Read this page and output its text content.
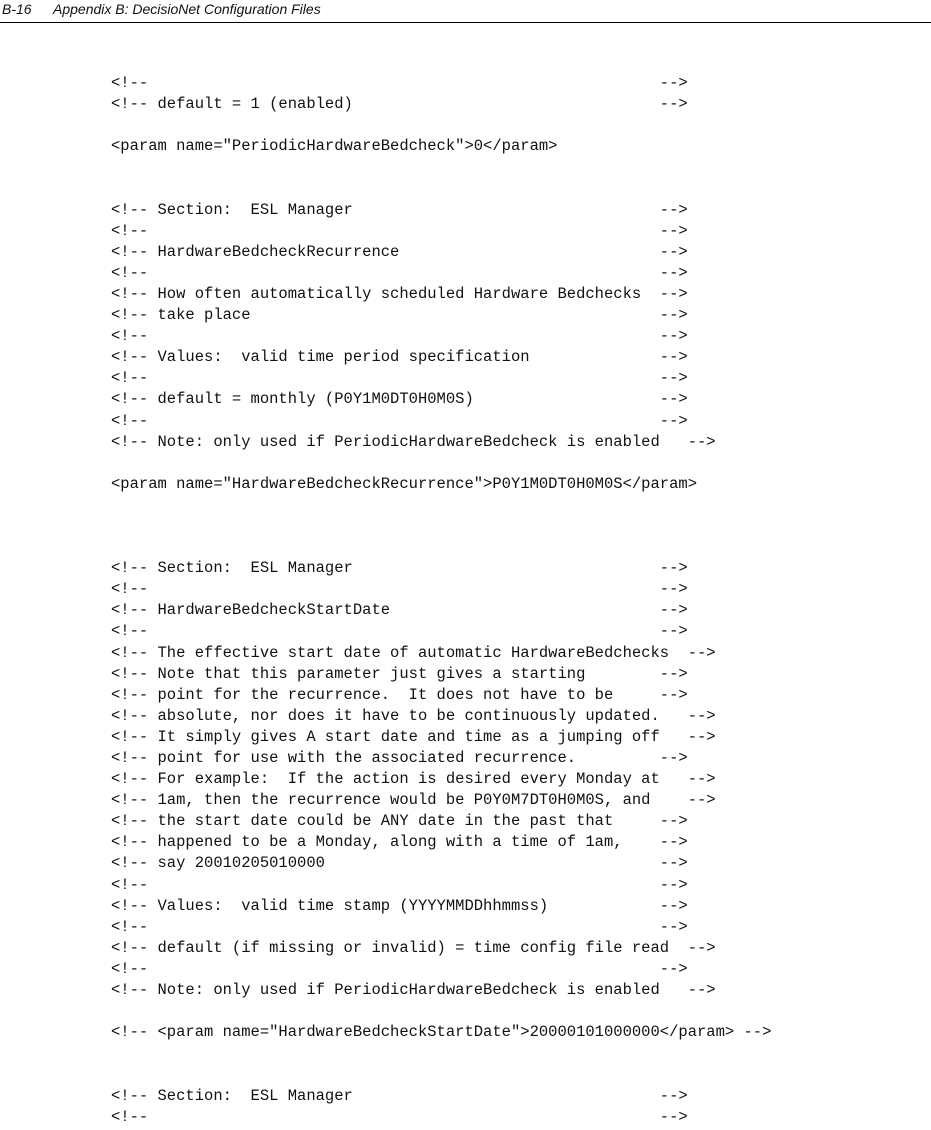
B-16 Appendix B: DecisioNet Configuration Files
<!--                                                       -->
<!-- default = 1 (enabled)                                 -->
<param name="PeriodicHardwareBedcheck">0</param>
<!-- Section:  ESL Manager                                 -->
<!--                                                       -->
<!-- HardwareBedcheckRecurrence                            -->
<!--                                                       -->
<!-- How often automatically scheduled Hardware Bedchecks  -->
<!-- take place                                            -->
<!--                                                       -->
<!-- Values:  valid time period specification              -->
<!--                                                       -->
<!-- default = monthly (P0Y1M0DT0H0M0S)                    -->
<!--                                                       -->
<!-- Note: only used if PeriodicHardwareBedcheck is enabled   -->
<param name="HardwareBedcheckRecurrence">P0Y1M0DT0H0M0S</param>
<!-- Section:  ESL Manager                                 -->
<!--                                                       -->
<!-- HardwareBedcheckStartDate                             -->
<!--                                                       -->
<!-- The effective start date of automatic HardwareBedchecks  -->
<!-- Note that this parameter just gives a starting        -->
<!-- point for the recurrence.  It does not have to be     -->
<!-- absolute, nor does it have to be continuously updated.   -->
<!-- It simply gives A start date and time as a jumping off   -->
<!-- point for use with the associated recurrence.         -->
<!-- For example:  If the action is desired every Monday at   -->
<!-- 1am, then the recurrence would be P0Y0M7DT0H0M0S, and    -->
<!-- the start date could be ANY date in the past that     -->
<!-- happened to be a Monday, along with a time of 1am,    -->
<!-- say 20010205010000                                    -->
<!--                                                       -->
<!-- Values:  valid time stamp (YYYYMMDDhhmmss)            -->
<!--                                                       -->
<!-- default (if missing or invalid) = time config file read  -->
<!--                                                       -->
<!-- Note: only used if PeriodicHardwareBedcheck is enabled   -->
<!-- <param name="HardwareBedcheckStartDate">20000101000000</param> -->
<!-- Section:  ESL Manager                                 -->
<!--                                                       -->
